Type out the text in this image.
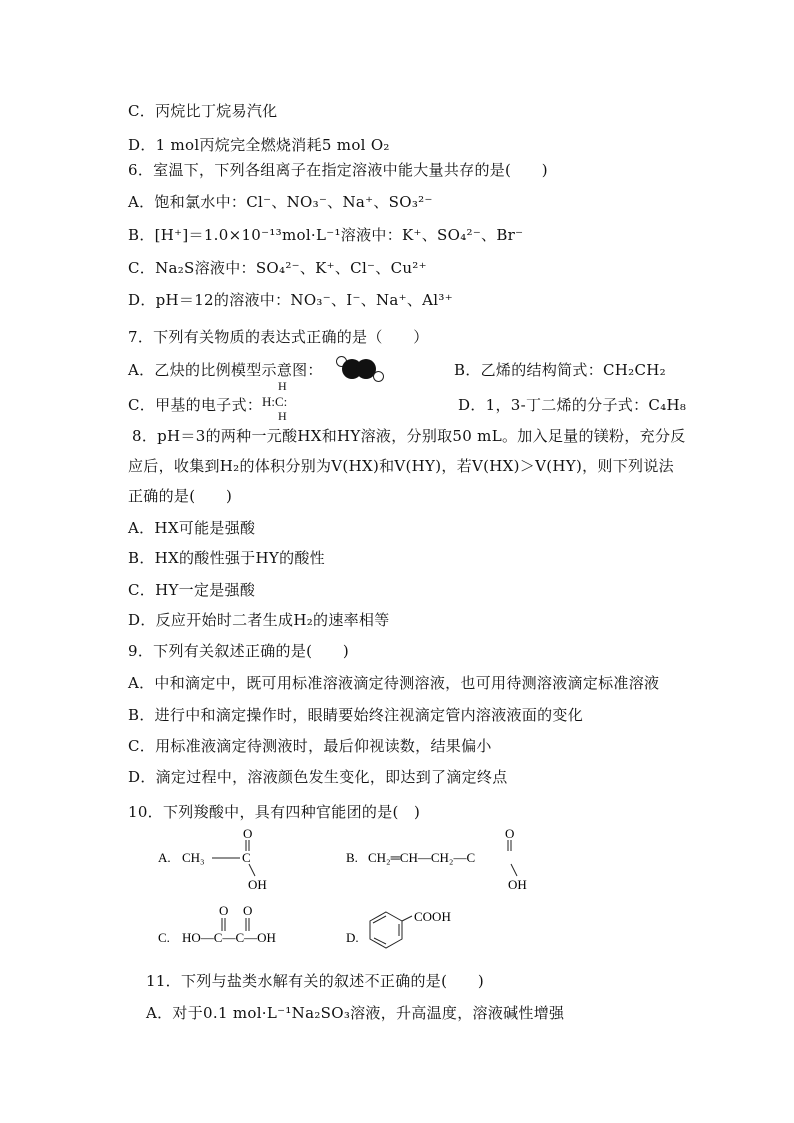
C．丙烷比丁烷易汽化
D．1 mol丙烷完全燃烧消耗5 mol O₂
6．室温下，下列各组离子在指定溶液中能大量共存的是(　　)
A．饱和氯水中：Cl⁻、NO₃⁻、Na⁺、SO₃²⁻
B．[H⁺]＝1.0×10⁻¹³mol·L⁻¹溶液中：K⁺、SO₄²⁻、Br⁻
C．Na₂S溶液中：SO₄²⁻、K⁺、Cl⁻、Cu²⁺
D．pH＝12的溶液中：NO₃⁻、I⁻、Na⁺、Al³⁺
7．下列有关物质的表达式正确的是（　　）
A．乙炔的比例模型示意图：	B．乙烯的结构简式：CH₂CH₂
C．甲基的电子式：
H
H:C:
H
D．1，3-丁二烯的分子式：C₄H₈
8．pH＝3的两种一元酸HX和HY溶液，分别取50 mL。加入足量的镁粉，充分反
应后，收集到H₂的体积分别为V(HX)和V(HY)，若V(HX)＞V(HY)，则下列说法
正确的是(　　)
A．HX可能是强酸
B．HX的酸性强于HY的酸性
C．HY一定是强酸
D．反应开始时二者生成H₂的速率相等
9．下列有关叙述正确的是(　　)
A．中和滴定中，既可用标准溶液滴定待测溶液，也可用待测溶液滴定标准溶液
B．进行中和滴定操作时，眼睛要始终注视滴定管内溶液液面的变化
C．用标准液滴定待测液时，最后仰视读数，结果偏小
D．滴定过程中，溶液颜色发生变化，即达到了滴定终点
10．下列羧酸中，具有四种官能团的是(　)
A. CH₃	C
O
OH
B. CH₂═CH—CH₂—C
O
OH
C. HO—C—C—OH
O O
D.
COOH
11．下列与盐类水解有关的叙述不正确的是(　　)
A．对于0.1 mol·L⁻¹Na₂SO₃溶液，升高温度，溶液碱性增强
